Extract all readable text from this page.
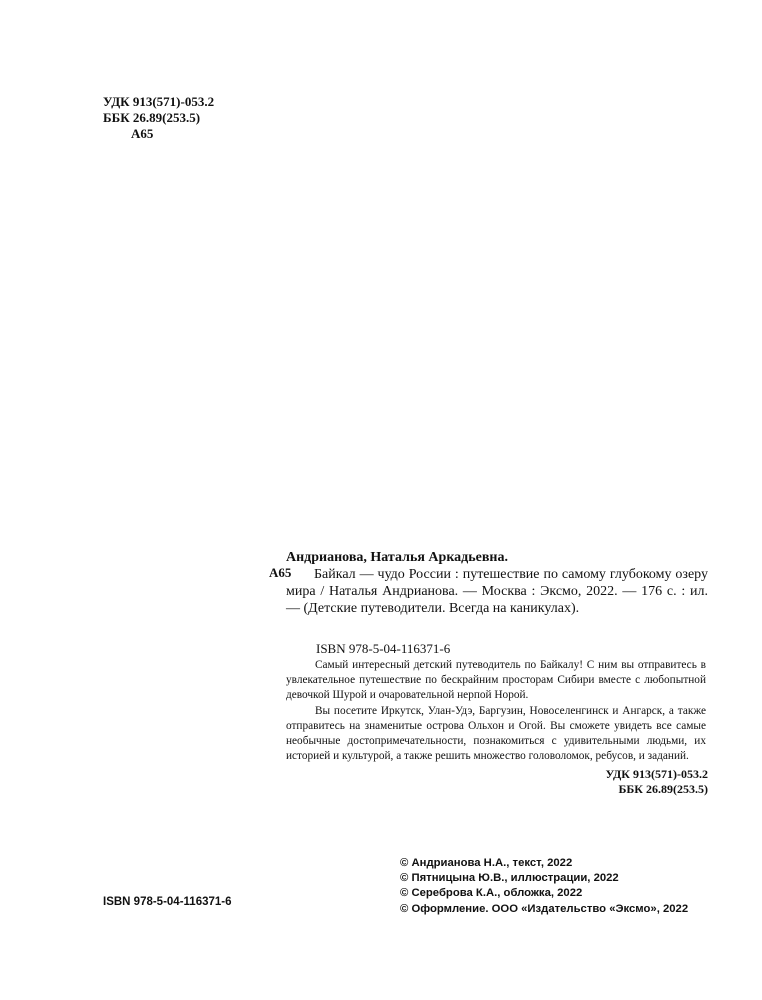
УДК 913(571)-053.2
ББК 26.89(253.5)
А65
А65
Андрианова, Наталья Аркадьевна.
Байкал — чудо России : путешествие по самому глубокому озеру мира / Наталья Андрианова. — Москва : Эксмо, 2022. — 176 с. : ил. — (Детские путеводители. Всегда на каникулах).
ISBN 978-5-04-116371-6

Самый интересный детский путеводитель по Байкалу! С ним вы отправитесь в увлекательное путешествие по бескрайним просторам Сибири вместе с любопытной девочкой Шурой и очаровательной нерпой Норой.

Вы посетите Иркутск, Улан-Удэ, Баргузин, Новоселенгинск и Ангарск, а также отправитесь на знаменитые острова Ольхон и Огой. Вы сможете увидеть все самые необычные достопримечательности, познакомиться с удивительными людьми, их историей и культурой, а также решить множество головоломок, ребусов, и заданий.

УДК 913(571)-053.2
ББК 26.89(253.5)
© Андрианова Н.А., текст, 2022
© Пятницына Ю.В., иллюстрации, 2022
© Сереброва К.А., обложка, 2022
© Оформление. ООО «Издательство «Эксмо», 2022
ISBN 978-5-04-116371-6
